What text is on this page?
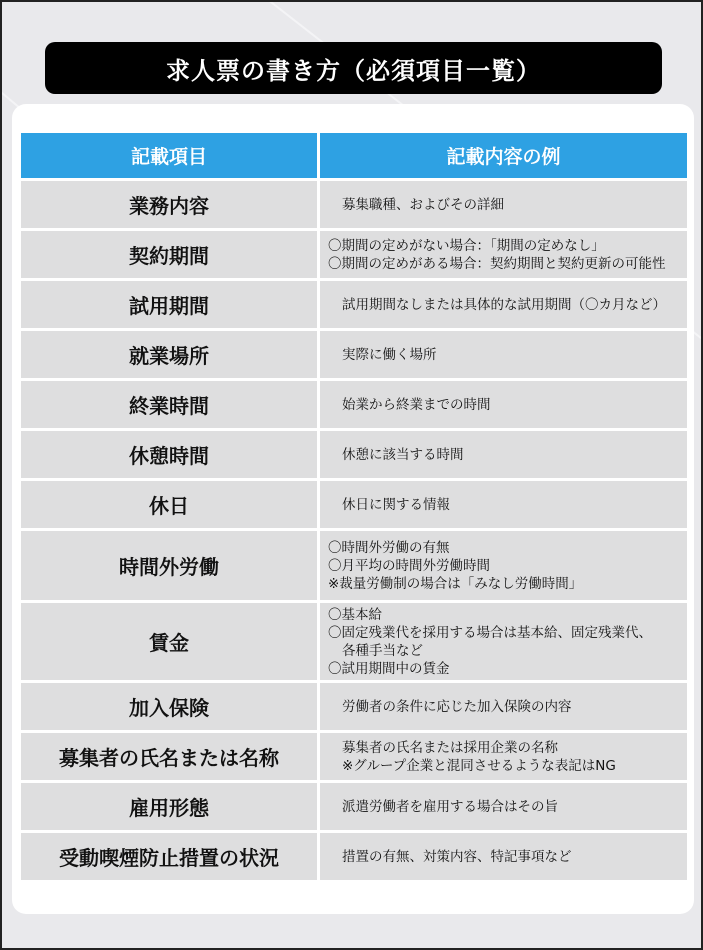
求人票の書き方（必須項目一覧）
記載項目	記載内容の例
業務内容	募集職種、およびその詳細

契約期間	〇期間の定めがない場合：「期間の定めなし」
〇期間の定めがある場合：契約期間と契約更新の可能性

試用期間	試用期間なしまたは具体的な試用期間（〇カ月など）

就業場所	実際に働く場所

終業時間	始業から終業までの時間

休憩時間	休憩に該当する時間

休日	休日に関する情報

時間外労働	〇時間外労働の有無
〇月平均の時間外労働時間
※裁量労働制の場合は「みなし労働時間」

賃金	〇基本給
〇固定残業代を採用する場合は基本給、固定残業代、
各種手当など
〇試用期間中の賃金

加入保険	労働者の条件に応じた加入保険の内容

募集者の氏名または名称	募集者の氏名または採用企業の名称
※グループ企業と混同させるような表記はNG

雇用形態	派遣労働者を雇用する場合はその旨

受動喫煙防止措置の状況	措置の有無、対策内容、特記事項など
